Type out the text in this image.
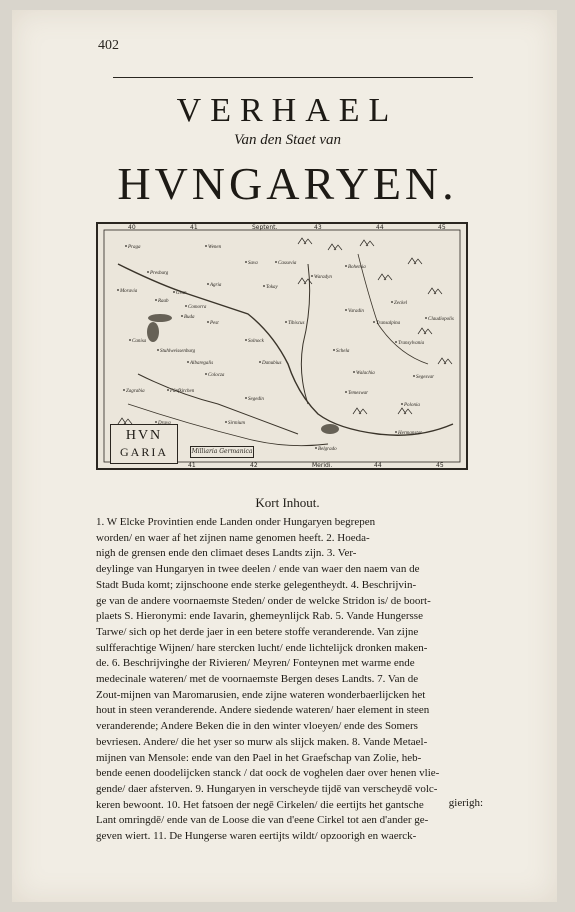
402
VERHAEL
Van den Staet van
HVNGARYEN.
Praga	Wenen
Presburg
Buda
Pest
Gran
Raab
Canisa
Stuhlweissenburg
Comorra
Agria	Tokay
Cassovia
Solnock
Segedin
Colocza
Fünfkirchen
Belgrado
Temeswar
Varadin
Albaregalis
Zagrabia
Sirmium
Waradyn
Zeckel
Transylvania
Tibiscus
Danubius
Sava
Moravia
Bohemia
Polonia
Walachia
Transalpina
Schela
Segesvar
Claudiopolis
Hermanstat
40	41	Septent.	43	44	45
41	42	Meridi.	44	45
HVN
GARIA	Milliaria Germanica
Kort Inhout.
1. W Elcke Provintien ende Landen onder Hungaryen begrepen
worden/ en waer af het zijnen name genomen heeft. 2. Hoeda-
nigh de grensen ende den climaet deses Landts zijn. 3. Ver-
deylinge van Hungaryen in twee deelen / ende van waer den naem van de
Stadt Buda komt; zijnschoone ende sterke gelegentheydt. 4. Beschrijvin-
ge van de andere voornaemste Steden/ onder de welcke Stridon is/ de boort-
plaets S. Hieronymi: ende Iavarin, ghemeynlijck Rab. 5. Vande Hungersse
Tarwe/ sich op het derde jaer in een betere stoffe veranderende. Van zijne
sulfferachtige Wijnen/ hare stercken lucht/ ende lichtelijck dronken maken-
de. 6. Beschrijvinghe der Rivieren/ Meyren/ Fonteynen met warme ende
medecinale wateren/ met de voornaemste Bergen deses Landts. 7. Van de
Zout-mijnen van Maromarusien, ende zijne wateren wonderbaerlijcken het
hout in steen veranderende. Andere siedende wateren/ haer element in steen
veranderende; Andere Beken die in den winter vloeyen/ ende des Somers
bevriesen. Andere/ die het yser so murw als slijck maken. 8. Vande Metael-
mijnen van Mensole: ende van den Pael in het Graefschap van Zolie, heb-
bende eenen doodelijcken stanck / dat oock de voghelen daer over henen vlie-
gende/ daer afsterven. 9. Hungaryen in verscheyde tijdē van verscheydē volc-
keren bewoont. 10. Het fatsoen der negē Cirkelen/ die eertijts het gantsche
Lant omringdē/ ende van de Loose die van d'eene Cirkel tot aen d'ander ge-
geven wiert. 11. De Hungerse waren eertijts wildt/ opzoorigh en waerck-
gierigh:
